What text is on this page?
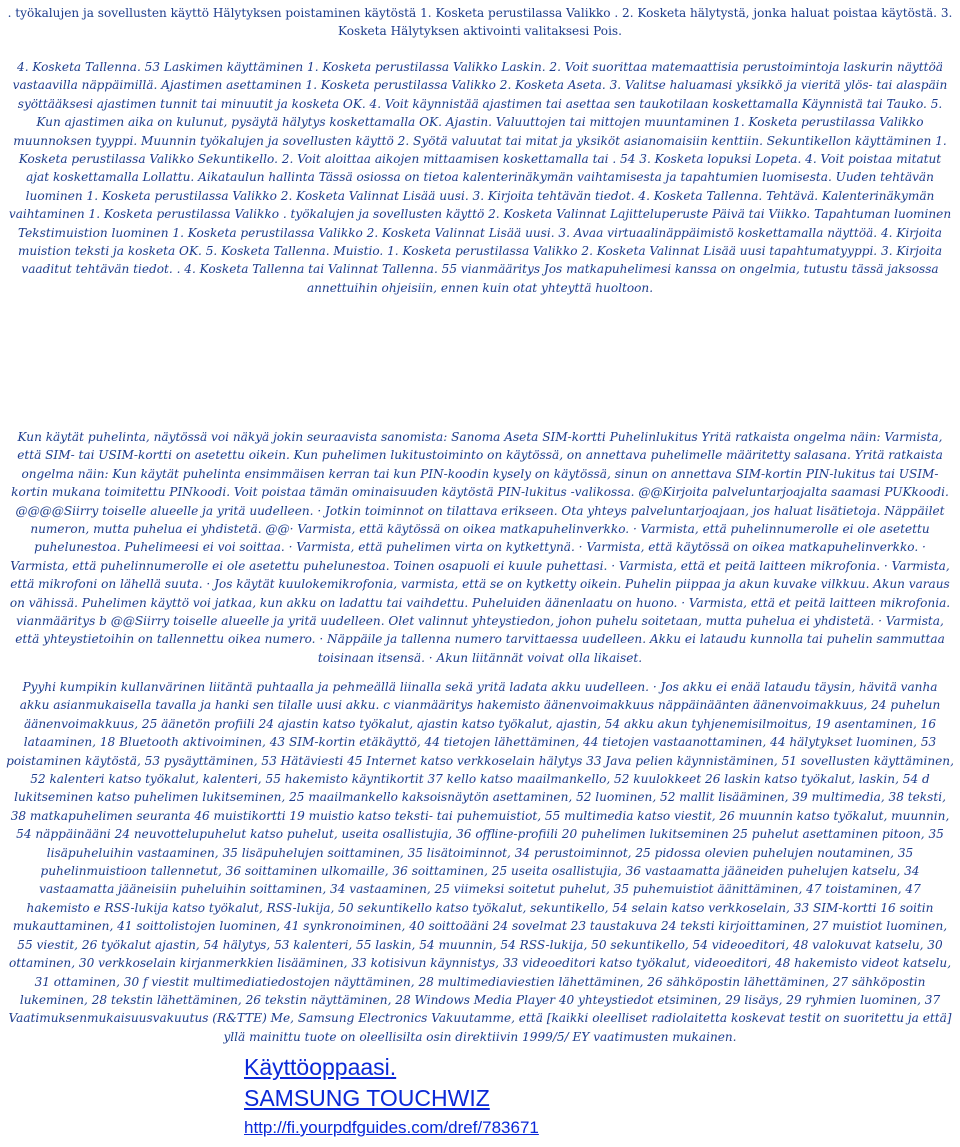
. työkalujen ja sovellusten käyttö Hälytyksen poistaminen käytöstä 1. Kosketa perustilassa Valikko . 2. Kosketa hälytystä, jonka haluat poistaa käytöstä. 3. Kosketa Hälytyksen aktivointi valitaksesi Pois.

4. Kosketa Tallenna. 53 Laskimen käyttäminen 1. Kosketa perustilassa Valikko Laskin. 2. Voit suorittaa matemaattisia perustoimintoja laskurin näyttöä vastaavilla näppäimillä. Ajastimen asettaminen 1. Kosketa perustilassa Valikko 2. Kosketa Aseta. 3. Valitse haluamasi yksikkö ja vieritä ylös- tai alaspäin syöttääksesi ajastimen tunnit tai minuutit ja kosketa OK. 4. Voit käynnistää ajastimen tai asettaa sen taukotilaan koskettamalla Käynnistä tai Tauko. 5. Kun ajastimen aika on kulunut, pysäytä hälytys koskettamalla OK. Ajastin. Valuuttojen tai mittojen muuntaminen 1. Kosketa perustilassa Valikko muunnoksen tyyppi. Muunnin työkalujen ja sovellusten käyttö 2. Syötä valuutat tai mitat ja yksiköt asianomaisiin kenttiin. Sekuntikellon käyttäminen 1. Kosketa perustilassa Valikko Sekuntikello. 2. Voit aloittaa aikojen mittaamisen koskettamalla tai . 54 3. Kosketa lopuksi Lopeta. 4. Voit poistaa mitatut ajat koskettamalla Lollattu. Aikataulun hallinta Tässä osiossa on tietoa kalenterinäkymän vaihtamisesta ja tapahtumien luomisesta. Uuden tehtävän luominen 1. Kosketa perustilassa Valikko 2. Kosketa Valinnat Lisää uusi. 3. Kirjoita tehtävän tiedot. 4. Kosketa Tallenna. Tehtävä. Kalenterinäkymän vaihtaminen 1. Kosketa perustilassa Valikko . työkalujen ja sovellusten käyttö 2. Kosketa Valinnat Lajitteluperuste Päivä tai Viikko. Tapahtuman luominen Tekstimuistion luominen 1. Kosketa perustilassa Valikko 2. Kosketa Valinnat Lisää uusi. 3. Avaa virtuaalinäppäimistö koskettamalla näyttöä. 4. Kirjoita muistion teksti ja kosketa OK. 5. Kosketa Tallenna. Muistio. 1. Kosketa perustilassa Valikko 2. Kosketa Valinnat Lisää uusi tapahtumatyyppi. 3. Kirjoita vaaditut tehtävän tiedot. . 4. Kosketa Tallenna tai Valinnat Tallenna. 55 vianmääritys Jos matkapuhelimesi kanssa on ongelmia, tutustu tässä jaksossa annettuihin ohjeisiin, ennen kuin otat yhteyttä huoltoon.

Kun käytät puhelinta, näytössä voi näkyä jokin seuraavista sanomista: Sanoma Aseta SIM-kortti Puhelinlukitus Yritä ratkaista ongelma näin: Varmista, että SIM- tai USIM-kortti on asetettu oikein. Kun puhelimen lukitustoiminto on käytössä, on annettava puhelimelle määritetty salasana. Yritä ratkaista ongelma näin: Kun käytät puhelinta ensimmäisen kerran tai kun PIN-koodin kysely on käytössä, sinun on annettava SIM-kortin PIN-lukitus tai USIM-kortin mukana toimitettu PINkoodi. Voit poistaa tämän ominaisuuden käytöstä PIN-lukitus -valikossa. @@Kirjoita palveluntarjoajalta saamasi PUKkoodi. @@@@Siirry toiselle alueelle ja yritä uudelleen. · Jotkin toiminnot on tilattava erikseen. Ota yhteys palveluntarjoajaan, jos haluat lisätietoja. Näppäilet numeron, mutta puhelua ei yhdistetä. @@· Varmista, että käytössä on oikea matkapuhelinverkko. · Varmista, että puhelinnumerolle ei ole asetettu puhelunestoa. Puhelimeesi ei voi soittaa. · Varmista, että puhelimen virta on kytkettynä. · Varmista, että käytössä on oikea matkapuhelinverkko. · Varmista, että puhelinnumerolle ei ole asetettu puhelunestoa. Toinen osapuoli ei kuule puhettasi. · Varmista, että et peitä laitteen mikrofonia. · Varmista, että mikrofoni on lähellä suuta. · Jos käytät kuulokemikrofonia, varmista, että se on kytketty oikein. Puhelin piippaa ja akun kuvake vilkkuu. Akun varaus on vähissä. Puhelimen käyttö voi jatkaa, kun akku on ladattu tai vaihdettu. Puheluiden äänenlaatu on huono. · Varmista, että et peitä laitteen mikrofonia. vianmääritys b @@Siirry toiselle alueelle ja yritä uudelleen. Olet valinnut yhteystiedon, johon puhelu soitetaan, mutta puhelua ei yhdistetä. · Varmista, että yhteystietoihin on tallennettu oikea numero. · Näppäile ja tallenna numero tarvittaessa uudelleen. Akku ei lataudu kunnolla tai puhelin sammuttaa toisinaan itsensä. · Akun liitännät voivat olla likaiset.

Pyyhi kumpikin kullanvärinen liitäntä puhtaalla ja pehmeällä liinalla sekä yritä ladata akku uudelleen. · Jos akku ei enää lataudu täysin, hävitä vanha akku asianmukaisella tavalla ja hanki sen tilalle uusi akku. c vianmääritys hakemisto äänenvoimakkuus näppäinäänten äänenvoimakkuus, 24 puhelun äänenvoimakkuus, 25 äänetön profiili 24 ajastin katso työkalut, ajastin katso työkalut, ajastin, 54 akku akun tyhjenemisilmoitus, 19 asentaminen, 16 lataaminen, 18 Bluetooth aktivoiminen, 43 SIM-kortin etäkäyttö, 44 tietojen lähettäminen, 44 tietojen vastaanottaminen, 44 hälytykset luominen, 53 poistaminen käytöstä, 53 pysäyttäminen, 53 Hätäviesti 45 Internet katso verkkoselain hälytys 33 Java pelien käynnistäminen, 51 sovellusten käyttäminen, 52 kalenteri katso työkalut, kalenteri, 55 hakemisto käyntikortit 37 kello katso maailmankello, 52 kuulokkeet 26 laskin katso työkalut, laskin, 54 d lukitseminen katso puhelimen lukitseminen, 25 maailmankello kaksoisnäytön asettaminen, 52 luominen, 52 mallit lisääminen, 39 multimedia, 38 teksti, 38 matkapuhelimen seuranta 46 muistikortti 19 muistio katso teksti- tai puhemuistiot, 55 multimedia katso viestit, 26 muunnin katso työkalut, muunnin, 54 näppäinääni 24 neuvottelupuhelut katso puhelut, useita osallistujia, 36 offline-profiili 20 puhelimen lukitseminen 25 puhelut asettaminen pitoon, 35 lisäpuheluihin vastaaminen, 35 lisäpuhelujen soittaminen, 35 lisätoiminnot, 34 perustoiminnot, 25 pidossa olevien puhelujen noutaminen, 35 puhelinmuistioon tallennetut, 36 soittaminen ulkomaille, 36 soittaminen, 25 useita osallistujia, 36 vastaamatta jääneiden puhelujen katselu, 34 vastaamatta jääneisiin puheluihin soittaminen, 34 vastaaminen, 25 viimeksi soitetut puhelut, 35 puhemuistiot äänittäminen, 47 toistaminen, 47 hakemisto e RSS-lukija katso työkalut, RSS-lukija, 50 sekuntikello katso työkalut, sekuntikello, 54 selain katso verkkoselain, 33 SIM-kortti 16 soitin mukauttaminen, 41 soittolistojen luominen, 41 synkronoiminen, 40 soittoääni 24 sovelmat 23 taustakuva 24 teksti kirjoittaminen, 27 muistiot luominen, 55 viestit, 26 työkalut ajastin, 54 hälytys, 53 kalenteri, 55 laskin, 54 muunnin, 54 RSS-lukija, 50 sekuntikello, 54 videoeditori, 48 valokuvat katselu, 30 ottaminen, 30 verkkoselain kirjanmerkkien lisääminen, 33 kotisivun käynnistys, 33 videoeditori katso työkalut, videoeditori, 48 hakemisto videot katselu, 31 ottaminen, 30 f viestit multimediatiedostojen näyttäminen, 28 multimediaviestien lähettäminen, 26 sähköpostin lähettäminen, 27 sähköpostin lukeminen, 28 tekstin lähettäminen, 26 tekstin näyttäminen, 28 Windows Media Player 40 yhteystiedot etsiminen, 29 lisäys, 29 ryhmien luominen, 37 Vaatimuksenmukaisuusvakuutus (R&TTE) Me, Samsung Electronics Vakuutamme, että [kaikki oleelliset radiolaitetta koskevat testit on suoritettu ja että] yllä mainittu tuote on oleellisilta osin direktiivin 1999/5/ EY vaatimusten mukainen.

Käyttöoppaasi.
SAMSUNG TOUCHWIZ
http://fi.yourpdfguides.com/dref/783671
